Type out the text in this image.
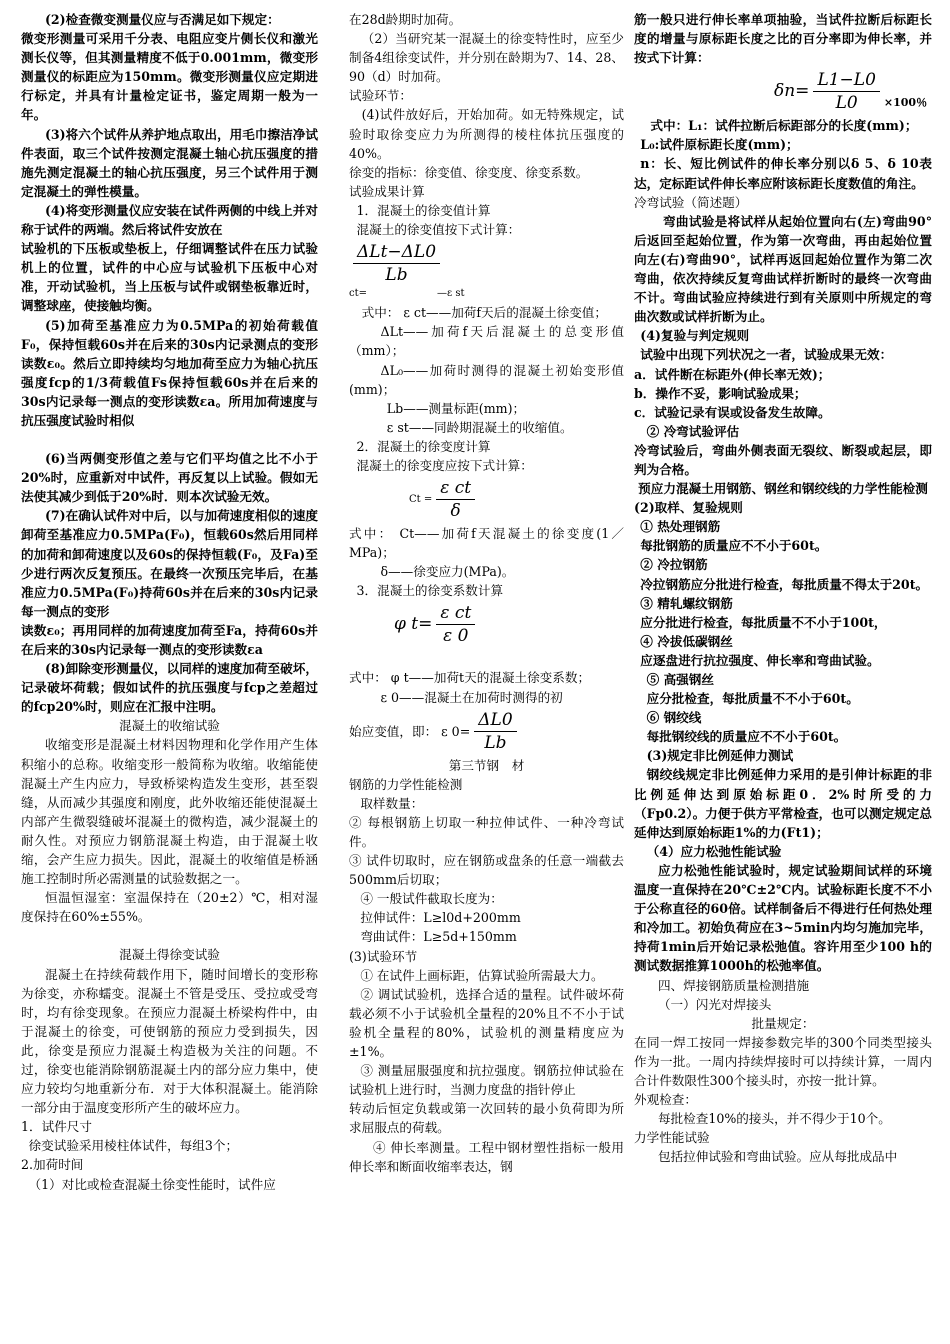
(2)检查微变测量仪应与否满足如下规定：

微变形测量可采用千分表、电阻应变片侧长仪和激光测长仪等，但其测量精度不低于0.001mm，微变形测量仪的标距应为150mm。微变形测量仪应定期进行标定，并具有计量检定证书，鉴定周期一般为一年。

(3)将六个试件从养护地点取出，用毛巾擦洁净试件表面，取三个试件按测定混凝土轴心抗压强度的措施先测定混凝土的轴心抗压强度，另三个试件用于测定混凝土的弹性模量。

(4)将变形测量仪应安装在试件两侧的中线上并对称于试件的两端。然后将试件安放在

试验机的下压板或垫板上，仔细调整试件在压力试验机上的位置，试件的中心应与试验机下压板中心对准，开动试验机，当上压板与试件或钢垫板靠近时，调整球座，使接触均衡。

(5)加荷至基准应力为0.5MPa的初始荷载值F₀，保持恒载60s并在后来的30s内记录测点的变形读数ε₀。然后立即持续均匀地加荷至应力为轴心抗压强度fcp的1/3荷载值Fs保持恒载60s并在后来的30s内记录每一测点的变形读数εa。所用加荷速度与抗压强度试验时相似

(6)当两侧变形值之差与它们平均值之比不小于20%时，应重新对中试件，再反复以上试验。假如无法使其减少到低于20%时．则本次试验无效。

(7)在确认试件对中后，以与加荷速度相似的速度卸荷至基准应力0.5MPa(F₀)，恒载60s然后用同样的加荷和卸荷速度以及60s的保持恒载(F₀，及Fa)至少进行两次反复预压。在最终一次预压完毕后，在基准应力0.5MPa(F₀)持荷60s并在后来的30s内记录每一测点的变形

读数ε₀；再用同样的加荷速度加荷至Fa，持荷60s并在后来的30s内记录每一测点的变形读数εa

(8)卸除变形测量仪，以同样的速度加荷至破坏，记录破坏荷载；假如试件的抗压强度与fcp之差超过的fcp20%时，则应在汇报中注明。

混凝土的收缩试验

收缩变形是混凝土材料因物理和化学作用产生体积缩小的总称。收缩变形一般简称为收缩。收缩能使混凝土产生内应力，导致桥梁构造发生变形，甚至裂缝，从而减少其强度和刚度，此外收缩还能使混凝土内部产生微裂缝破坏混凝土的微构造，减少混凝土的耐久性。对预应力钢筋混凝土构造，由于混凝土收缩，会产生应力损失。因此，混凝土的收缩值是桥涵施工控制时所必需测量的试验数据之一。

恒温恒湿室：室温保持在（20±2）℃，相对湿度保持在60%±55%。

混凝土得徐变试验

混凝土在持续荷载作用下，随时间增长的变形称为徐变，亦称蠕变。混凝土不管是受压、受拉或受弯时，均有徐变现象。在预应力混凝土桥梁构件中，由于混凝土的徐变，可使钢筋的预应力受到损失，因此，徐变是预应力混凝土构造极为关注的问题。不过，徐变也能消除钢筋混凝土内的部分应力集中，使应力较均匀地重新分布．对于大体积混凝土。能消除一部分由于温度变形所产生的破坏应力。

1．试件尺寸

徐变试验采用棱柱体试件，每组3个；

2.加荷时间

（1）对比或检查混凝土徐变性能时，试件应

在28d龄期时加荷。

（2）当研究某一混凝土的徐变特性时，应至少制备4组徐变试件，并分别在龄期为7、14、28、90（d）时加荷。

试验环节：

(4)试件放好后，开始加荷。如无特殊规定，试验时取徐变应力为所测得的棱柱体抗压强度的40%。

徐变的指标：徐变值、徐变度、徐变系数。

试验成果计算

1．混凝土的徐变值计算

混凝土的徐变值按下式计算：

$\frac{\text{ΔLt−ΔL0}}{Lb}$

ct=	—ε st

式中： ε ct——加荷f天后的混凝土徐变值；

ΔLt——加荷f天后混凝土的总变形值（mm）；

ΔL₀——加荷时测得的混凝土初始变形值(mm)；

Lb——测量标距(mm)；

ε st——同龄期混凝土的收缩值。

2．混凝土的徐变度计算

混凝土的徐变度应按下式计算：

$Ct = \frac{\text{ε ct}}{\delta}$

式中： Ct——加荷f天混凝土的徐变度(1／MPa)；

δ——徐变应力(MPa)。

3．混凝土的徐变系数计算

φ $t= \frac{\text{ε ct}}{\varepsilon 0}$

式中： φ t——加荷t天的混凝土徐变系数；

ε 0——混凝土在加荷时测得的初

始应变值，即： ε $0= \frac{\Delta L0}{Lb}$

第三节钢　材

钢筋的力学性能检测

取样数量：

② 每根钢筋上切取一种拉伸试件、一种冷弯试件。

③ 试件切取时，应在钢筋或盘条的任意一端截去500mm后切取；

④ 一般试件截取长度为：

拉伸试件：L≥l0d+200mm

弯曲试件：L≥5d+150mm

(3)试验环节

① 在试件上画标距，估算试验所需最大力。

② 调试试验机，选择合适的量程。试件破坏荷载必须不小于试验机全量程的20%且不不小于试验机全量程的80%，试验机的测量精度应为±1%。

③ 测量屈服强度和抗拉强度。钢筋拉伸试验在试验机上进行时，当测力度盘的指针停止

转动后恒定负载或第一次回转的最小负荷即为所求屈服点的荷载。

④ 伸长率测量。工程中钢材塑性指标一般用伸长率和断面收缩率表达，钢

筋一般只进行伸长率单项抽验，当试件拉断后标距长度的增量与原标距长度之比的百分率即为伸长率，并按式下计算：

$\delta n= \frac{L1-L0}{L0} \times 100$％

式中：L₁：试件拉断后标距部分的长度(mm)；

L₀:试件原标距长度(mm)；

n：长、短比例试件的伸长率分别以δ 5、δ 10表达，定标距试件伸长率应附该标距长度数值的角注。

冷弯试验（简述题）

弯曲试验是将试样从起始位置向右(左)弯曲90°后返回至起始位置，作为第一次弯曲，再由起始位置向左(右)弯曲90°，试样再返回起始位置作为第二次弯曲，依次持续反复弯曲试样折断时的最终一次弯曲不计。弯曲试验应持续进行到有关原则中所规定的弯曲次数或试样折断为止。

(4)复验与判定规则

试验中出现下列状况之一者，试验成果无效：

a．试件断在标距外(伸长率无效)；

b．操作不妥，影响试验成果；

c．试验记录有误或设备发生故障。

② 冷弯试验评估

冷弯试验后，弯曲外侧表面无裂纹、断裂或起层，即判为合格。

预应力混凝土用钢筋、钢丝和钢绞线的力学性能检测

(2)取样、复验规则

① 热处理钢筋

每批钢筋的质量应不不小于60t。

② 冷拉钢筋

冷拉钢筋应分批进行检查，每批质量不得太于20t。

③ 精轧螺纹钢筋

应分批进行检查，每批质量不不小于100t，

④ 冷拔低碳钢丝

应逐盘进行抗拉强度、伸长率和弯曲试验。

⑤ 高强钢丝

应分批检查，每批质量不不小于60t。

⑥ 钢绞线

每批钢绞线的质量应不不小于60t。

(3)规定非比例延伸力测试

钢绞线规定非比例延伸力采用的是引伸计标距的非比例延伸达到原始标距0．2%时所受的力（Fp0.2）。力便于供方平常检查，也可以测定规定总延伸达到原始标距1%的力(Ft1)；

（4）应力松弛性能试验

应力松弛性能试验时，规定试验期间试样的环境温度一直保持在20℃±2℃内。试验标距长度不不小于公称直径的60倍。试样制备后不得进行任何热处理和冷加工。初始负荷应在3~5min内均匀施加完毕，持荷1min后开始记录松弛值。容许用至少100 h的测试数据推算1000h的松弛率值。

四、焊接钢筋质量检测措施

（一）闪光对焊接头

批量规定：

在同一焊工按同一焊接参数完毕的300个同类型接头作为一批。一周内持续焊接时可以持续计算，一周内合计件数限性300个接头时，亦按一批计算。

外观检查：

每批检查10%的接头，并不得少于10个。

力学性能试验

包括拉伸试验和弯曲试验。应从每批成品中
